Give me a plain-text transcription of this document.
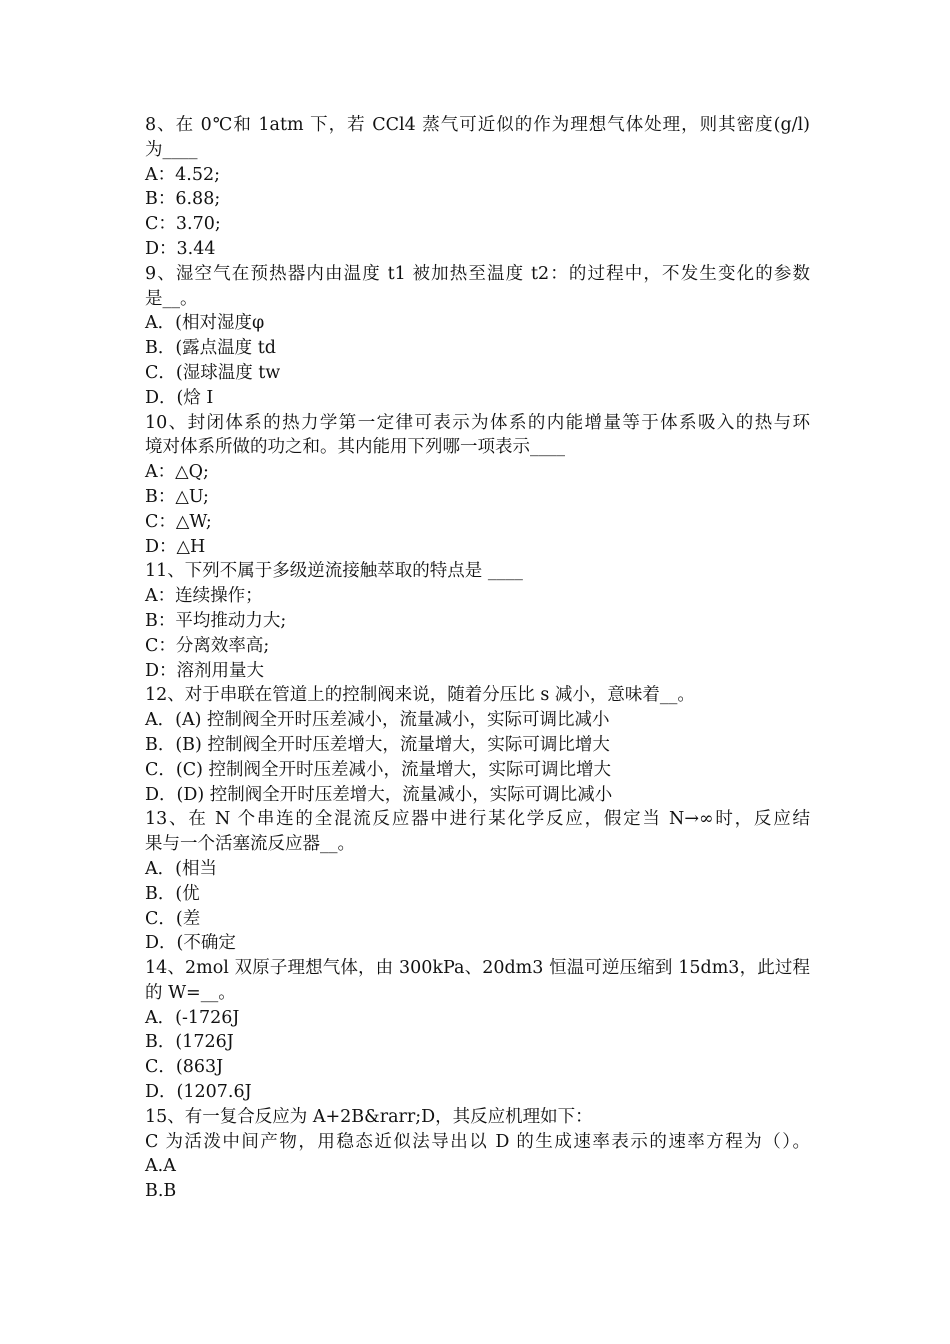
8、在 0℃和 1atm 下，若 CCl4 蒸气可近似的作为理想气体处理，则其密度(g/l)
为____
A：4.52;
B：6.88;
C：3.70;
D：3.44
9、湿空气在预热器内由温度 t1 被加热至温度 t2：的过程中，不发生变化的参数
是__。
A．(相对湿度φ
B．(露点温度 td
C．(湿球温度 tw
D．(焓 I
10、封闭体系的热力学第一定律可表示为体系的内能增量等于体系吸入的热与环
境对体系所做的功之和。其内能用下列哪一项表示____
A：△Q;
B：△U;
C：△W;
D：△H
11、下列不属于多级逆流接触萃取的特点是 ____
A：连续操作；
B：平均推动力大;
C：分离效率高;
D：溶剂用量大
12、对于串联在管道上的控制阀来说，随着分压比 s 减小，意味着__。
A．(A) 控制阀全开时压差减小，流量减小，实际可调比减小
B．(B) 控制阀全开时压差增大，流量增大，实际可调比增大
C．(C) 控制阀全开时压差减小，流量增大，实际可调比增大
D．(D) 控制阀全开时压差增大，流量减小，实际可调比减小
13、在 N 个串连的全混流反应器中进行某化学反应，假定当 N→∞时，反应结
果与一个活塞流反应器__。
A．(相当
B．(优
C．(差
D．(不确定
14、2mol 双原子理想气体，由 300kPa、20dm3 恒温可逆压缩到 15dm3，此过程
的 W=__。
A．(-1726J
B．(1726J
C．(863J
D．(1207.6J
15、有一复合反应为 A+2B&rarr;D，其反应机理如下：
C 为活泼中间产物，用稳态近似法导出以 D 的生成速率表示的速率方程为（）。
A.A
B.B
